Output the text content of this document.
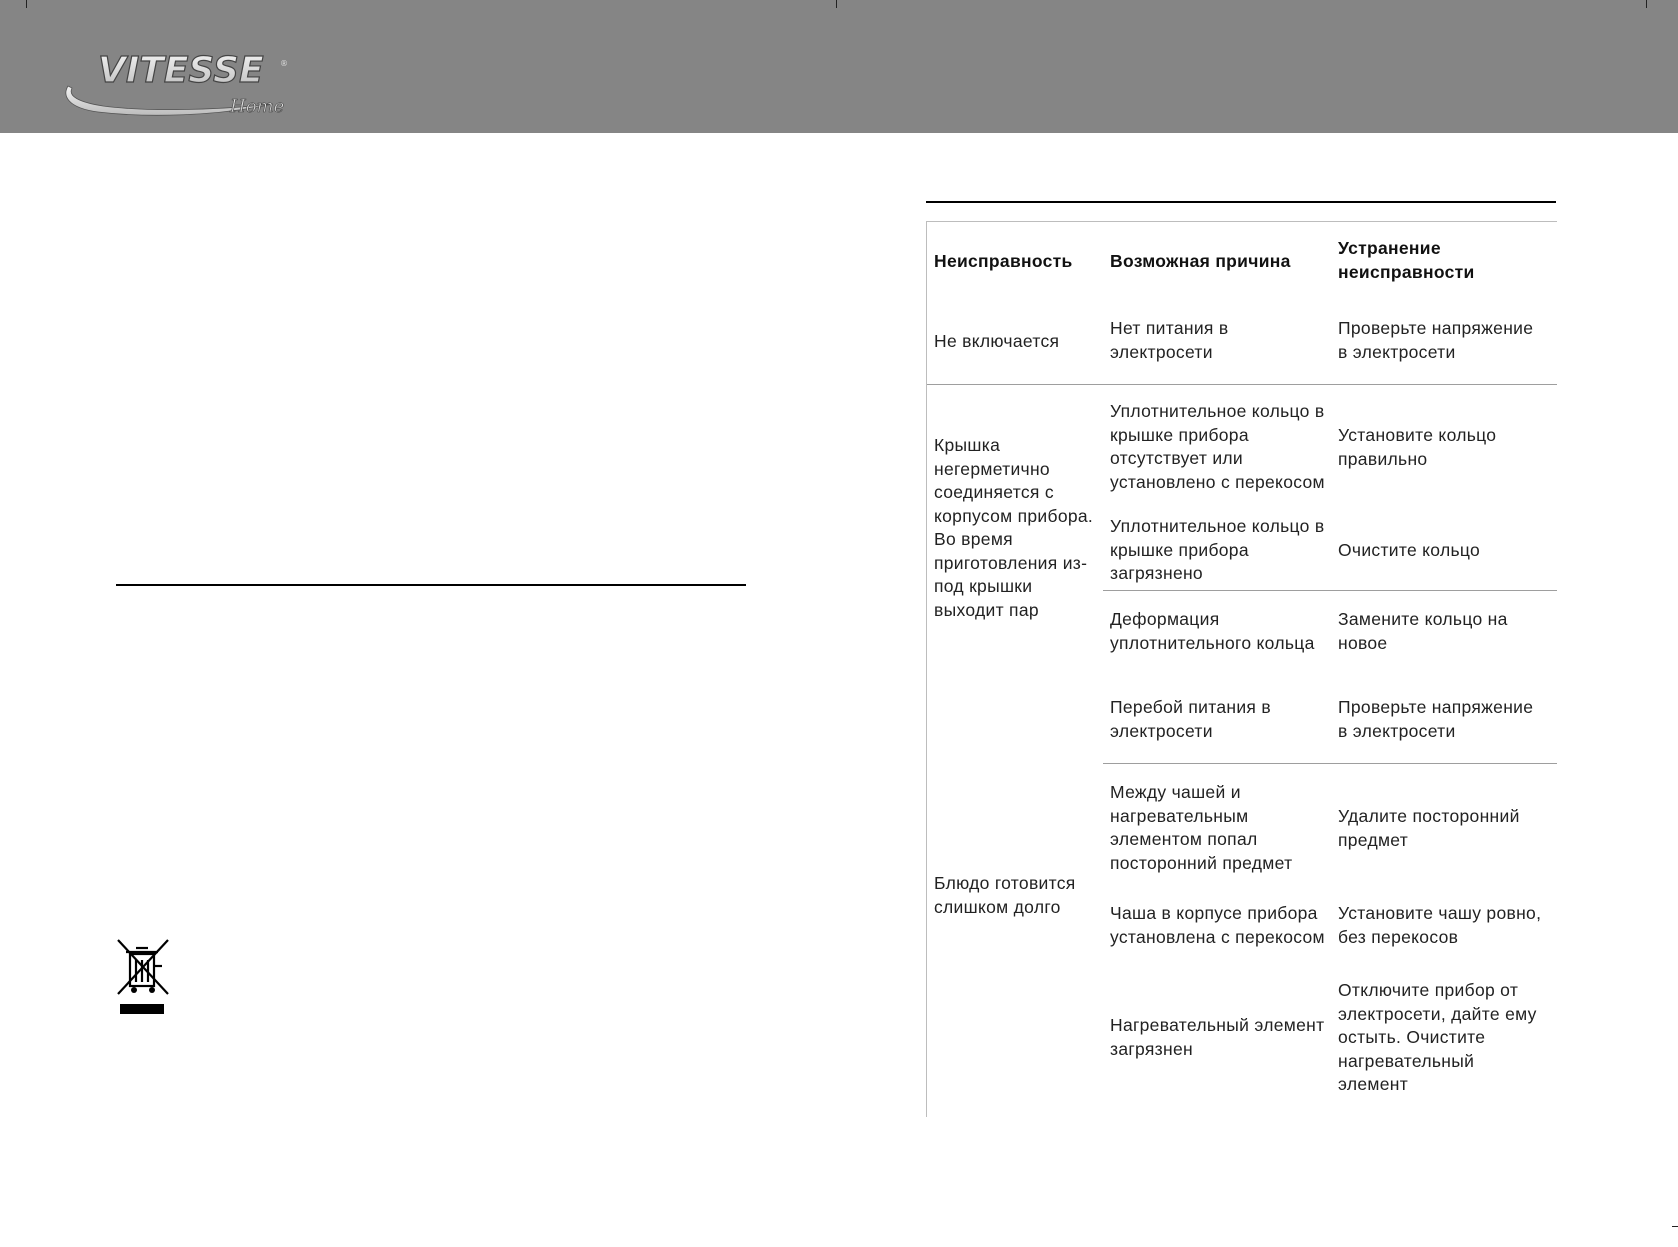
VITESSE
Home
®
Неисправность	Возможная причина
Устранение неисправности
Не включается
Нет питания в электросети
Проверьте напряжение в электросети
Крышка негерметично соединяется с корпусом прибора. Во время приготовления из-под крышки выходит пар
Уплотнительное кольцо в крышке прибора отсутствует или установлено с перекосом
Установите кольцо правильно
Уплотнительное кольцо в крышке прибора загрязнено
Очистите кольцо
Деформация уплотнительного кольца
Замените кольцо на новое
Перебой питания в электросети
Проверьте напряжение в электросети
Между чашей и нагревательным элементом попал посторонний предмет
Удалите посторонний предмет
Блюдо готовится слишком долго	Чаша в корпусе прибора установлена с перекосом
Установите чашу ровно, без перекосов
Нагревательный элемент загрязнен
Отключите прибор от электросети, дайте ему остыть. Очистите нагревательный элемент
